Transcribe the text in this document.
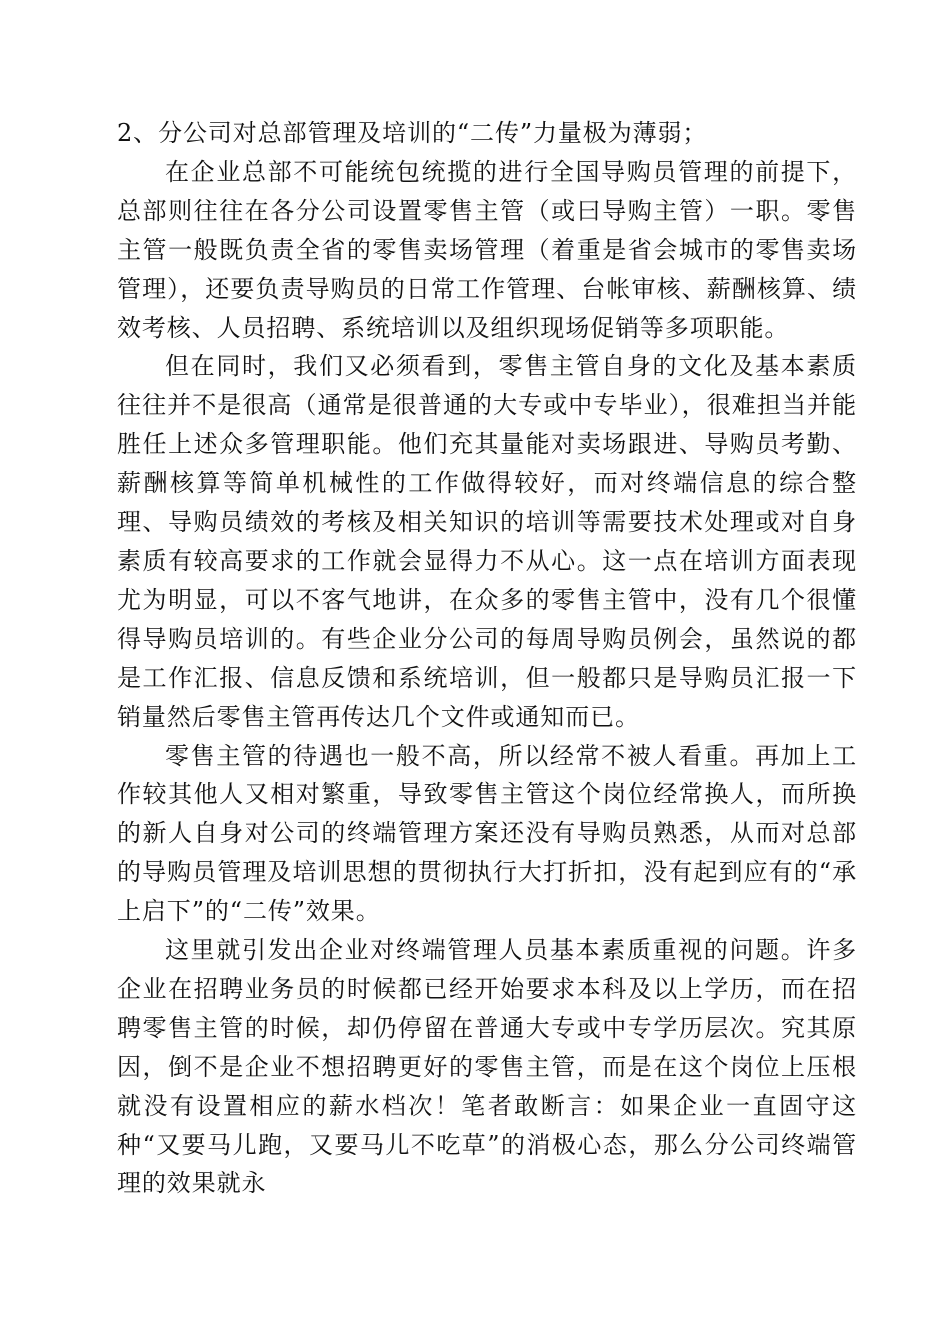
2、分公司对总部管理及培训的“二传”力量极为薄弱；

在企业总部不可能统包统揽的进行全国导购员管理的前提下，总部则往往在各分公司设置零售主管（或曰导购主管）一职。零售主管一般既负责全省的零售卖场管理（着重是省会城市的零售卖场管理），还要负责导购员的日常工作管理、台帐审核、薪酬核算、绩效考核、人员招聘、系统培训以及组织现场促销等多项职能。

但在同时，我们又必须看到，零售主管自身的文化及基本素质往往并不是很高（通常是很普通的大专或中专毕业），很难担当并能胜任上述众多管理职能。他们充其量能对卖场跟进、导购员考勤、薪酬核算等简单机械性的工作做得较好，而对终端信息的综合整理、导购员绩效的考核及相关知识的培训等需要技术处理或对自身素质有较高要求的工作就会显得力不从心。这一点在培训方面表现尤为明显，可以不客气地讲，在众多的零售主管中，没有几个很懂得导购员培训的。有些企业分公司的每周导购员例会，虽然说的都是工作汇报、信息反馈和系统培训，但一般都只是导购员汇报一下销量然后零售主管再传达几个文件或通知而已。

零售主管的待遇也一般不高，所以经常不被人看重。再加上工作较其他人又相对繁重，导致零售主管这个岗位经常换人，而所换的新人自身对公司的终端管理方案还没有导购员熟悉，从而对总部的导购员管理及培训思想的贯彻执行大打折扣，没有起到应有的“承上启下”的“二传”效果。

这里就引发出企业对终端管理人员基本素质重视的问题。许多企业在招聘业务员的时候都已经开始要求本科及以上学历，而在招聘零售主管的时候，却仍停留在普通大专或中专学历层次。究其原因，倒不是企业不想招聘更好的零售主管，而是在这个岗位上压根就没有设置相应的薪水档次！笔者敢断言：如果企业一直固守这种“又要马儿跑，又要马儿不吃草”的消极心态，那么分公司终端管理的效果就永
